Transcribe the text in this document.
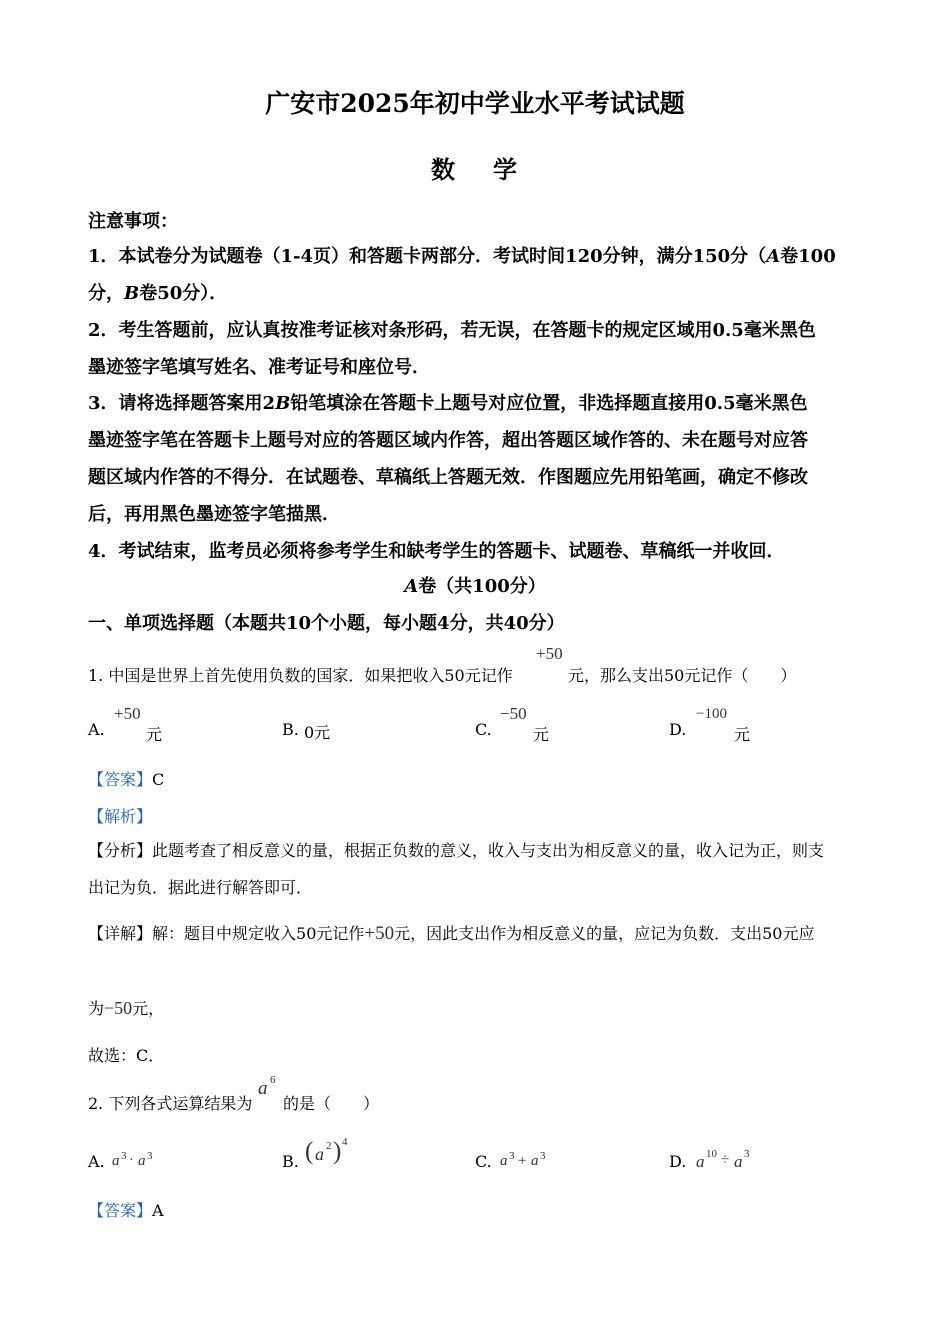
广安市2025年初中学业水平考试试题
数 学
注意事项：
1．本试卷分为试题卷（1-4页）和答题卡两部分．考试时间120分钟，满分150分（A卷100
分，B卷50分）．
2．考生答题前，应认真按准考证核对条形码，若无误，在答题卡的规定区域用0.5毫米黑色
墨迹签字笔填写姓名、准考证号和座位号．
3．请将选择题答案用2B铅笔填涂在答题卡上题号对应位置，非选择题直接用0.5毫米黑色
墨迹签字笔在答题卡上题号对应的答题区域内作答，超出答题区域作答的、未在题号对应答
题区域内作答的不得分．在试题卷、草稿纸上答题无效．作图题应先用铅笔画，确定不修改
后，再用黑色墨迹签字笔描黑．
4．考试结束，监考员必须将参考学生和缺考学生的答题卡、试题卷、草稿纸一并收回．
A卷（共100分）
一、单项选择题（本题共10个小题，每小题4分，共40分）
1. 中国是世界上首先使用负数的国家．如果把收入50元记作
+50
元，那么支出50元记作（　　）
A.
+50
元	B. 0元	C.
−50
元	D.
−100
元
【答案】C
【解析】
【分析】此题考查了相反意义的量，根据正负数的意义，收入与支出为相反意义的量，收入记为正，则支
出记为负．据此进行解答即可．
【详解】解：题目中规定收入50元记作+50元，因此支出作为相反意义的量，应记为负数．支出50元应
为−50元，
故选：C．
2. 下列各式运算结果为
a 6
的是（　　）
A. a 3 · a 3	B. ( a 2 ) 4
C. a 3 + a 3	D. a 10 ÷ a 3
【答案】A
